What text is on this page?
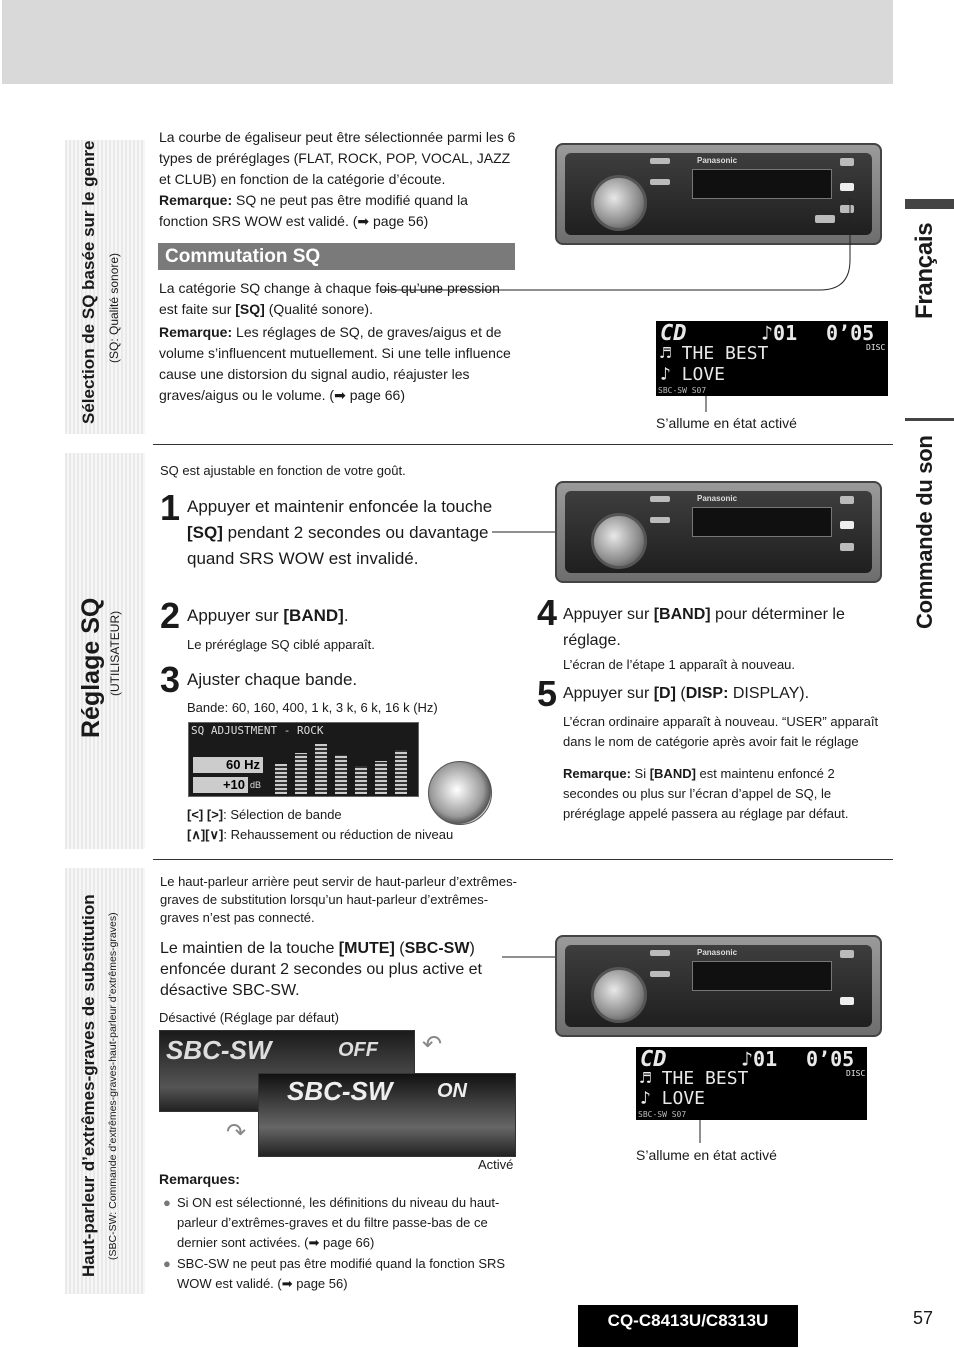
Français
Commande du son
Sélection de SQ basée sur le genre (SQ: Qualité sonore)
Réglage SQ (UTILISATEUR)
Haut-parleur d’extrêmes-graves de substitution (SBC-SW: Commande d’extrêmes-graves-haut-parleur d’extrêmes-graves)
La courbe de égaliseur peut être sélectionnée parmi les 6 types de préréglages (FLAT, ROCK, POP, VOCAL, JAZZ et CLUB) en fonction de la catégorie d’écoute.
Remarque: SQ ne peut pas être modifié quand la fonction SRS WOW est validé. (➡ page 56)
Commutation SQ
La catégorie SQ change à chaque fois qu’une pression est faite sur [SQ] (Qualité sonore).
Remarque: Les réglages de SQ, de graves/aigus et de volume s’influencent mutuellement. Si une telle influence cause une distorsion du signal audio, réajuster les graves/aigus ou le volume. (➡ page 66)
Panasonic
CD	♪01 0’05
DISC
♬ THE BEST
♪ LOVE
SBC-SW S07
S’allume en état activé
SQ est ajustable en fonction de votre goût.
1 Appuyer et maintenir enfoncée la touche [SQ] pendant 2 secondes ou davantage quand SRS WOW est invalidé.
2 Appuyer sur [BAND].
Le préréglage SQ ciblé apparaît.
3 Ajuster chaque bande.
Bande: 60, 160, 400, 1 k, 3 k, 6 k, 16 k (Hz)
SQ ADJUSTMENT - ROCK
60 Hz
+10 dB
[<] [>]: Sélection de bande
[∧][∨]: Rehaussement ou réduction de niveau
Panasonic
4 Appuyer sur [BAND] pour déterminer le réglage.
L’écran de l’étape 1 apparaît à nouveau.
5 Appuyer sur [D] (DISP: DISPLAY).
L’écran ordinaire apparaît à nouveau. “USER” apparaît dans le nom de catégorie après avoir fait le réglage
Remarque: Si [BAND] est maintenu enfoncé 2 secondes ou plus sur l’écran d’appel de SQ, le préréglage appelé passera au réglage par défaut.
Le haut-parleur arrière peut servir de haut-parleur d’extrêmes-graves de substitution lorsqu’un haut-parleur d’extrêmes-graves n’est pas connecté.
Le maintien de la touche [MUTE] (SBC-SW) enfoncée durant 2 secondes ou plus active et désactive SBC-SW.
Désactivé (Réglage par défaut)
SBC-SW	OFF
SBC-SW ON
↶
↷
Activé
Remarques:
● Si ON est sélectionné, les définitions du niveau du haut-parleur d’extrêmes-graves et du filtre passe-bas de ce dernier sont activées. (➡ page 66)
● SBC-SW ne peut pas être modifié quand la fonction SRS WOW est validé. (➡ page 56)
Panasonic
CD	♪01 0’05
DISC
♬ THE BEST
♪ LOVE
SBC-SW S07
S’allume en état activé
CQ-C8413U/C8313U	57
